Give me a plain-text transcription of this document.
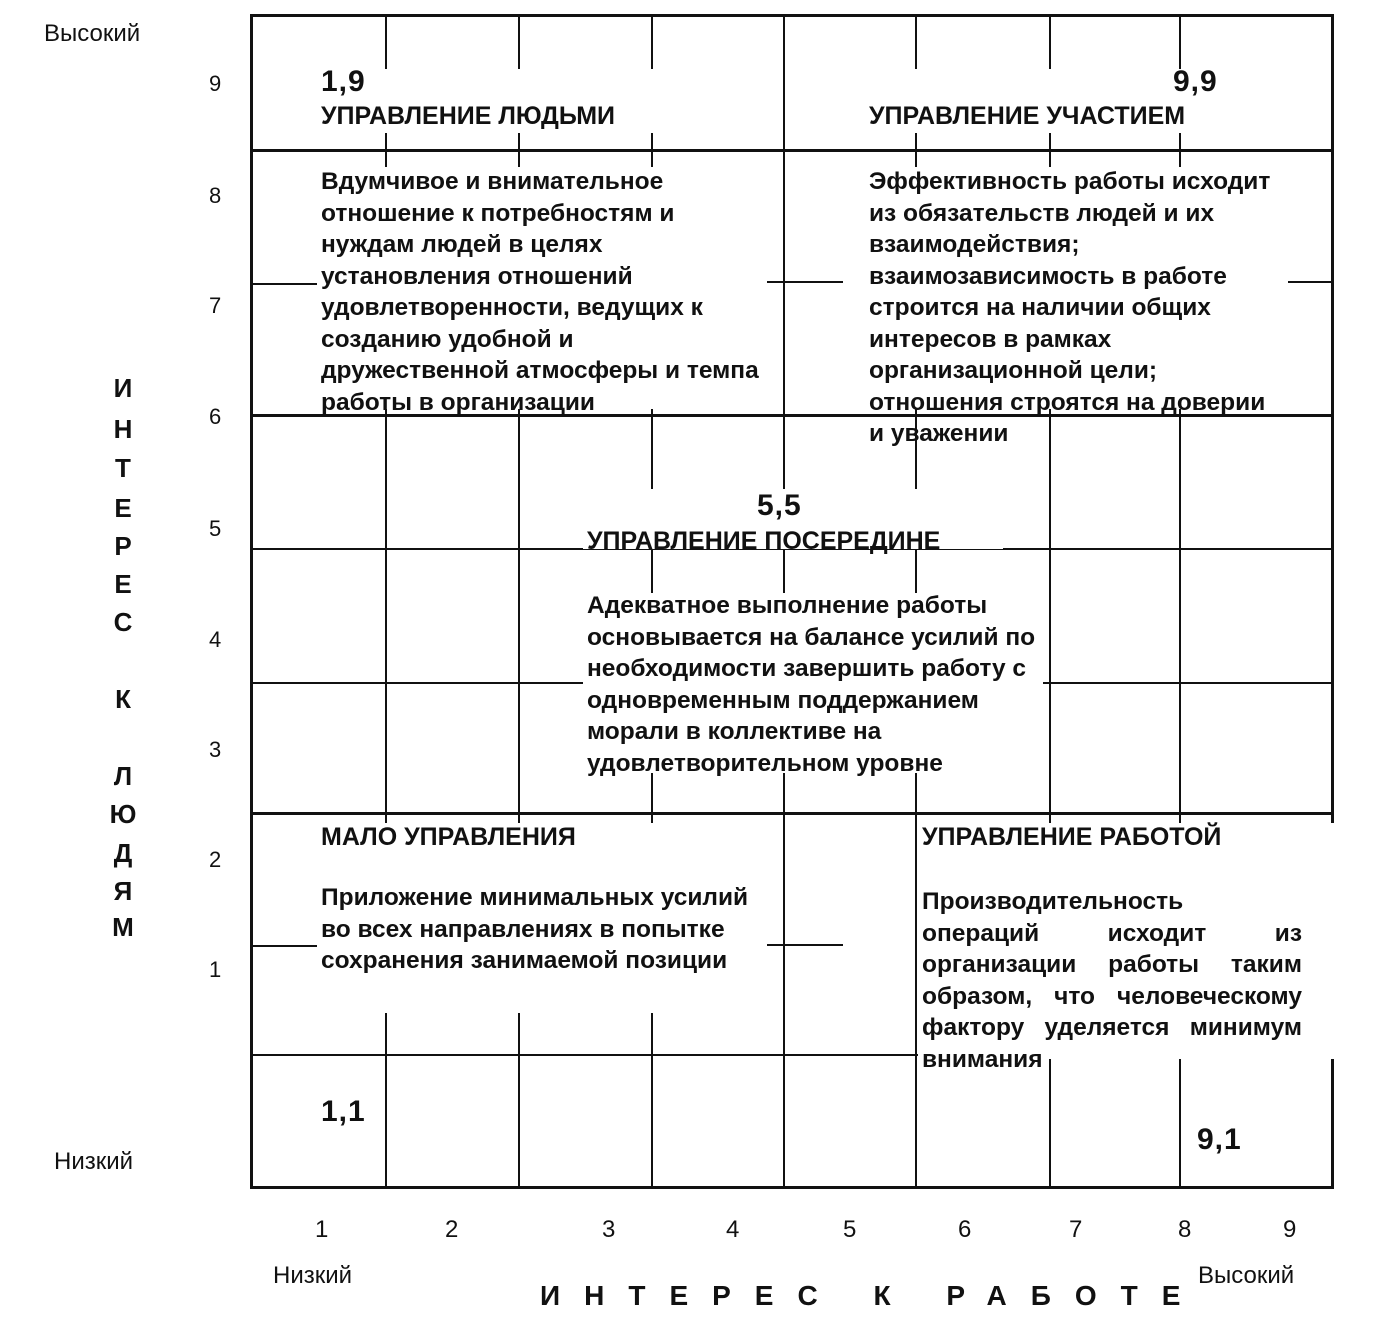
Высокий
Низкий
9
8
7
6
5
4
3
2
1
И
Н
Т
Е
Р
Е
С
К
Л
Ю
Д
Я
М
1,9
УПРАВЛЕНИЕ ЛЮДЬМИ
Вдумчивое и внимательное отношение к потребностям и нуждам людей в целях установления отношений удовлетворенности, ведущих к созданию удобной и дружественной атмосферы и темпа работы в организации
9,9
УПРАВЛЕНИЕ УЧАСТИЕМ
Эффективность работы исходит из обязательств людей и их взаимодействия; взаимозависимость в работе строится на наличии общих интересов в рамках организационной цели; отношения строятся на доверии и уважении
5,5
УПРАВЛЕНИЕ ПОСЕРЕДИНЕ
Адекватное выполнение работы основывается на балансе усилий по необходимости завершить работу с одновременным поддержанием морали в коллективе на удовлетворительном уровне
МАЛО УПРАВЛЕНИЯ
Приложение минимальных усилий во всех направлениях в попытке сохранения занимаемой позиции
1,1
УПРАВЛЕНИЕ РАБОТОЙ
Производительность операций исходит из организации работы таким образом, что человеческому фактору уделяется минимум внимания
9,1
1	2	3	4	5	6	7	8	9
Низкий	Высокий
ИНТЕРЕС К РАБОТЕ
